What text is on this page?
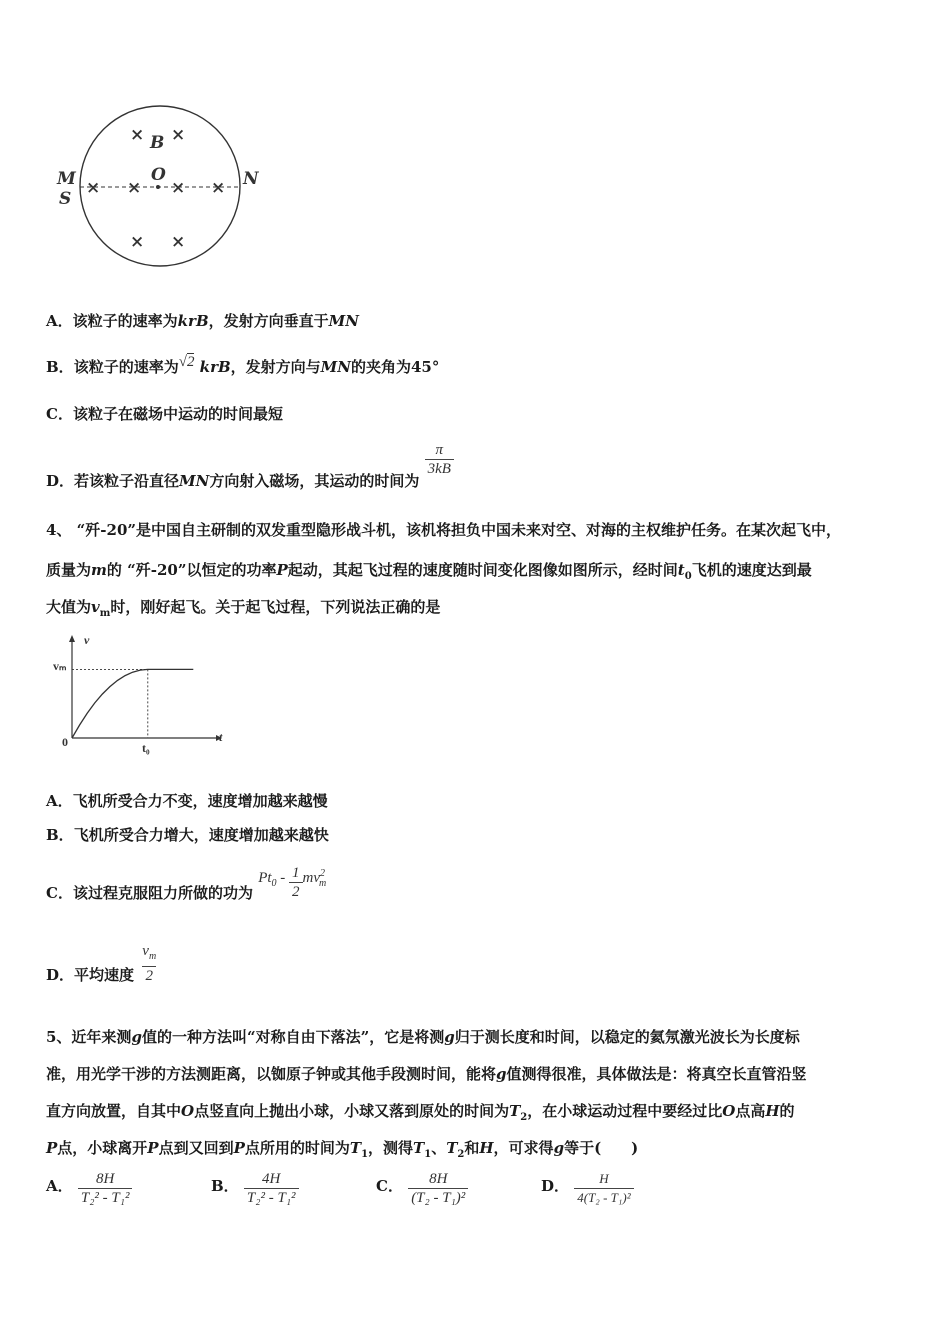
× ×
× × × ×
× ×
B
O
M
S
N
A．该粒子的速率为krB，发射方向垂直于MN
B．该粒子的速率为√2 krB，发射方向与MN的夹角为45°
C．该粒子在磁场中运动的时间最短
D．若该粒子沿直径MN方向射入磁场，其运动的时间为
$\frac{\pi}{3kB}$
4、 “歼-20”是中国自主研制的双发重型隐形战斗机，该机将担负中国未来对空、对海的主权维护任务。在某次起飞中，
质量为m的 “歼-20”以恒定的功率P起动，其起飞过程的速度随时间变化图像如图所示，经时间$t_0$飞机的速度达到最
大值为$v_m$时，刚好起飞。关于起飞过程，下列说法正确的是
v
t
0
vₘ
t₀
A．飞机所受合力不变，速度增加越来越慢
B．飞机所受合力增大，速度增加越来越快
C．该过程克服阻力所做的功为 $Pt_0 - \frac{1}{2} mv^2_m$
D．平均速度 $\frac{v_m}{2}$
5、近年来测g值的一种方法叫“对称自由下落法”，它是将测g归于测长度和时间，以稳定的氦氖激光波长为长度标
准，用光学干涉的方法测距离，以铷原子钟或其他手段测时间，能将g值测得很准，具体做法是：将真空长直管沿竖
直方向放置，自其中O点竖直向上抛出小球，小球又落到原处的时间为$T_2$，在小球运动过程中要经过比O点高H的
P点，小球离开P点到又回到P点所用的时间为$T_1$，测得$T_1$、$T_2$和H，可求得g等于(　　)
A． $\frac{8H}{\text{T₂² - T₁²}}$	B． $\frac{4H}{\text{T₂² - T₁²}}$	C． $\frac{8H}{\text{(T₂ - T₁)²}}$	D． $\frac{H}{\text{4(T₂ - T₁)²}}$
